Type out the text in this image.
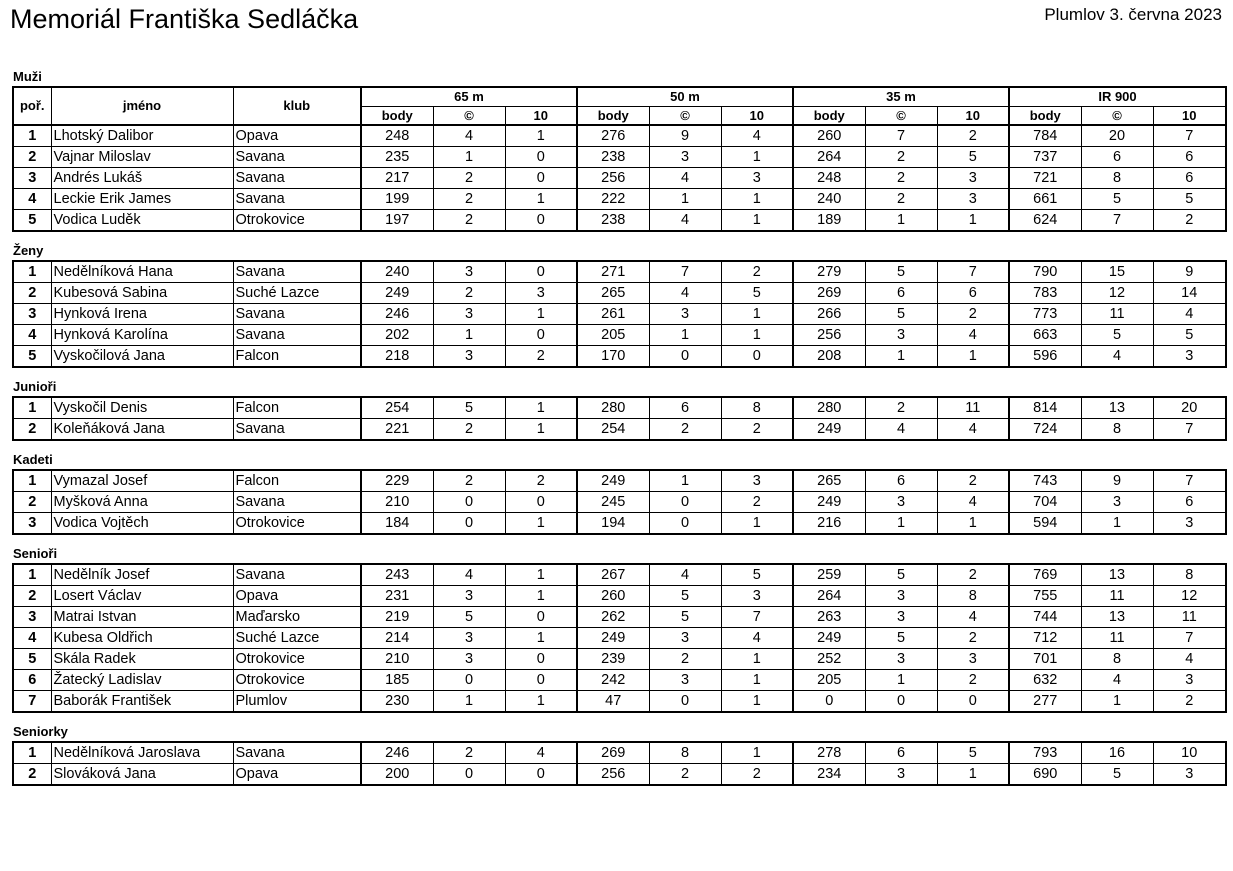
Memoriál Františka Sedláčka	Plumlov 3. června 2023
Muži
poř.	jméno	klub	65 m			50 m			35 m			IR 900		
			body	©	10	body	©	10	body	©	10	body	©	10
1	Lhotský Dalibor	Opava	248	4	1	276	9	4	260	7	2	784	20	7
2	Vajnar Miloslav	Savana	235	1	0	238	3	1	264	2	5	737	6	6
3	Andrés Lukáš	Savana	217	2	0	256	4	3	248	2	3	721	8	6
4	Leckie Erik James	Savana	199	2	1	222	1	1	240	2	3	661	5	5
5	Vodica Luděk	Otrokovice	197	2	0	238	4	1	189	1	1	624	7	2
Ženy
1	Nedělníková Hana	Savana	240	3	0	271	7	2	279	5	7	790	15	9
2	Kubesová Sabina	Suché Lazce	249	2	3	265	4	5	269	6	6	783	12	14
3	Hynková Irena	Savana	246	3	1	261	3	1	266	5	2	773	11	4
4	Hynková Karolína	Savana	202	1	0	205	1	1	256	3	4	663	5	5
5	Vyskočilová Jana	Falcon	218	3	2	170	0	0	208	1	1	596	4	3
Junioři
1	Vyskočil Denis	Falcon	254	5	1	280	6	8	280	2	11	814	13	20
2	Koleňáková Jana	Savana	221	2	1	254	2	2	249	4	4	724	8	7
Kadeti
1	Vymazal Josef	Falcon	229	2	2	249	1	3	265	6	2	743	9	7
2	Myšková Anna	Savana	210	0	0	245	0	2	249	3	4	704	3	6
3	Vodica Vojtěch	Otrokovice	184	0	1	194	0	1	216	1	1	594	1	3
Senioři
1	Nedělník Josef	Savana	243	4	1	267	4	5	259	5	2	769	13	8
2	Losert Václav	Opava	231	3	1	260	5	3	264	3	8	755	11	12
3	Matrai Istvan	Maďarsko	219	5	0	262	5	7	263	3	4	744	13	11
4	Kubesa Oldřich	Suché Lazce	214	3	1	249	3	4	249	5	2	712	11	7
5	Skála Radek	Otrokovice	210	3	0	239	2	1	252	3	3	701	8	4
6	Žatecký Ladislav	Otrokovice	185	0	0	242	3	1	205	1	2	632	4	3
7	Baborák František	Plumlov	230	1	1	47	0	1	0	0	0	277	1	2
Seniorky
1	Nedělníková Jaroslava	Savana	246	2	4	269	8	1	278	6	5	793	16	10
2	Slováková Jana	Opava	200	0	0	256	2	2	234	3	1	690	5	3
